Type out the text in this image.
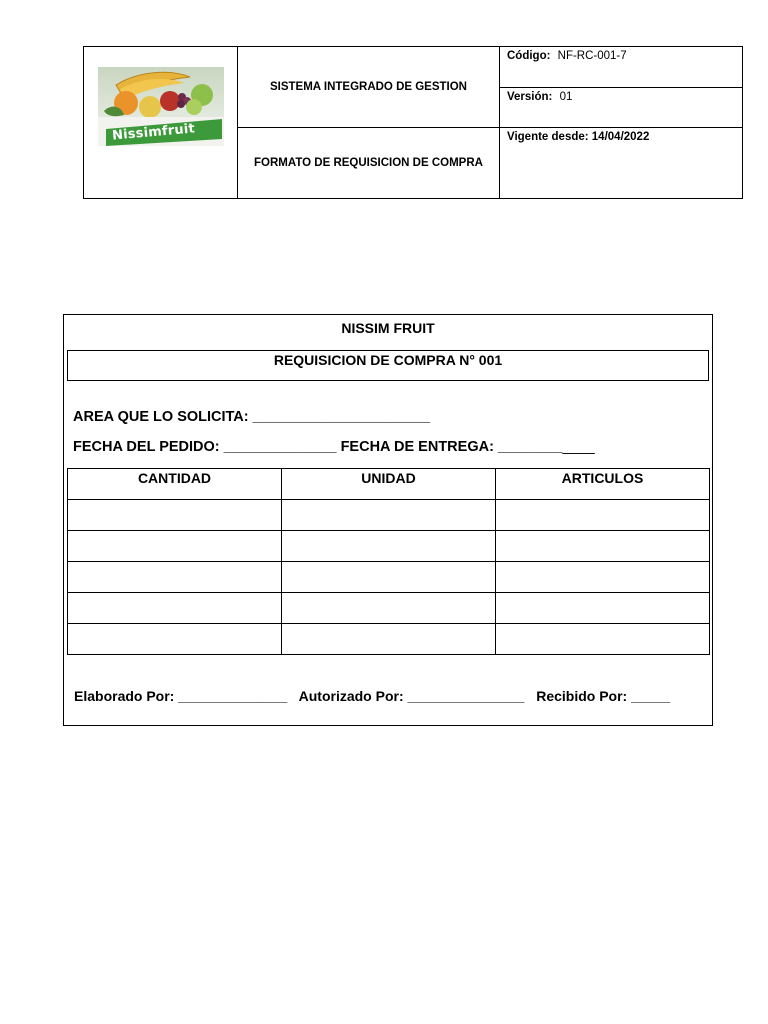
Nissimfruit
SISTEMA INTEGRADO DE GESTION
FORMATO DE REQUISICION DE COMPRA
Código: NF-RC-001-7
Versión: 01
Vigente desde: 14/04/2022
NISSIM FRUIT
REQUISICION DE COMPRA N° 001
AREA QUE LO SOLICITA: ______________________
FECHA DEL PEDIDO: ______________ FECHA DE ENTREGA: ____________
CANTIDAD	UNIDAD	ARTICULOS

Elaborado Por: ______________ Autorizado Por: _______________ Recibido Por: _____
